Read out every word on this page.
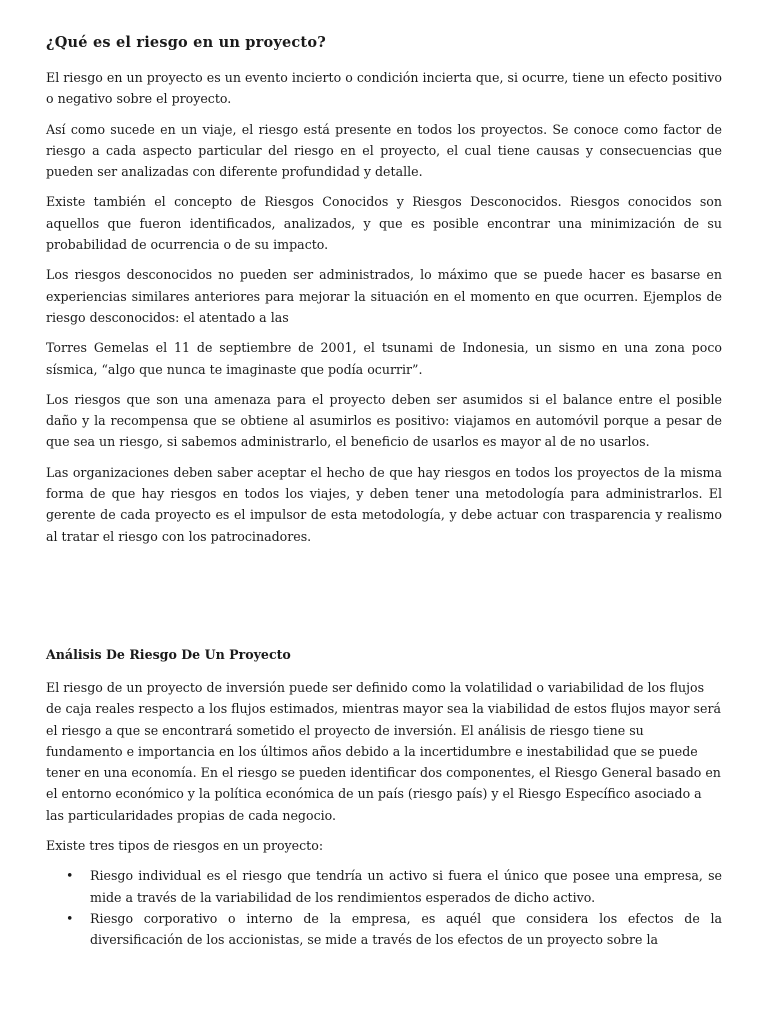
¿Qué es el riesgo en un proyecto?

El riesgo en un proyecto es un evento incierto o condición incierta que, si ocurre, tiene un efecto positivo o negativo sobre el proyecto.

Así como sucede en un viaje, el riesgo está presente en todos los proyectos. Se conoce como factor de riesgo a cada aspecto particular del riesgo en el proyecto, el cual tiene causas y consecuencias que pueden ser analizadas con diferente profundidad y detalle.

Existe también el concepto de Riesgos Conocidos y Riesgos Desconocidos. Riesgos conocidos son aquellos que fueron identificados, analizados, y que es posible encontrar una minimización de su probabilidad de ocurrencia o de su impacto.

Los riesgos desconocidos no pueden ser administrados, lo máximo que se puede hacer es basarse en experiencias similares anteriores para mejorar la situación en el momento en que ocurren. Ejemplos de riesgo desconocidos: el atentado a las

Torres Gemelas el 11 de septiembre de 2001, el tsunami de Indonesia, un sismo en una zona poco sísmica, “algo que nunca te imaginaste que podía ocurrir”.

Los riesgos que son una amenaza para el proyecto deben ser asumidos si el balance entre el posible daño y la recompensa que se obtiene al asumirlos es positivo: viajamos en automóvil porque a pesar de que sea un riesgo, si sabemos administrarlo, el beneficio de usarlos es mayor al de no usarlos.

Las organizaciones deben saber aceptar el hecho de que hay riesgos en todos los proyectos de la misma forma de que hay riesgos en todos los viajes, y deben tener una metodología para administrarlos. El gerente de cada proyecto es el impulsor de esta metodología, y debe actuar con trasparencia y realismo al tratar el riesgo con los patrocinadores.

Análisis De Riesgo De Un Proyecto

El riesgo de un proyecto de inversión puede ser definido como la volatilidad o variabilidad de los flujos de caja reales respecto a los flujos estimados, mientras mayor sea la viabilidad de estos flujos mayor será el riesgo a que se encontrará sometido el proyecto de inversión. El análisis de riesgo tiene su fundamento e importancia en los últimos años debido a la incertidumbre e inestabilidad que se puede tener en una economía. En el riesgo se pueden identificar dos componentes, el Riesgo General basado en el entorno económico y la política económica de un país (riesgo país) y el Riesgo Específico asociado a las particularidades propias de cada negocio.

Existe tres tipos de riesgos en un proyecto:

• Riesgo individual es el riesgo que tendría un activo si fuera el único que posee una empresa, se mide a través de la variabilidad de los rendimientos esperados de dicho activo.
• Riesgo corporativo o interno de la empresa, es aquél que considera los efectos de la diversificación de los accionistas, se mide a través de los efectos de un proyecto sobre la
